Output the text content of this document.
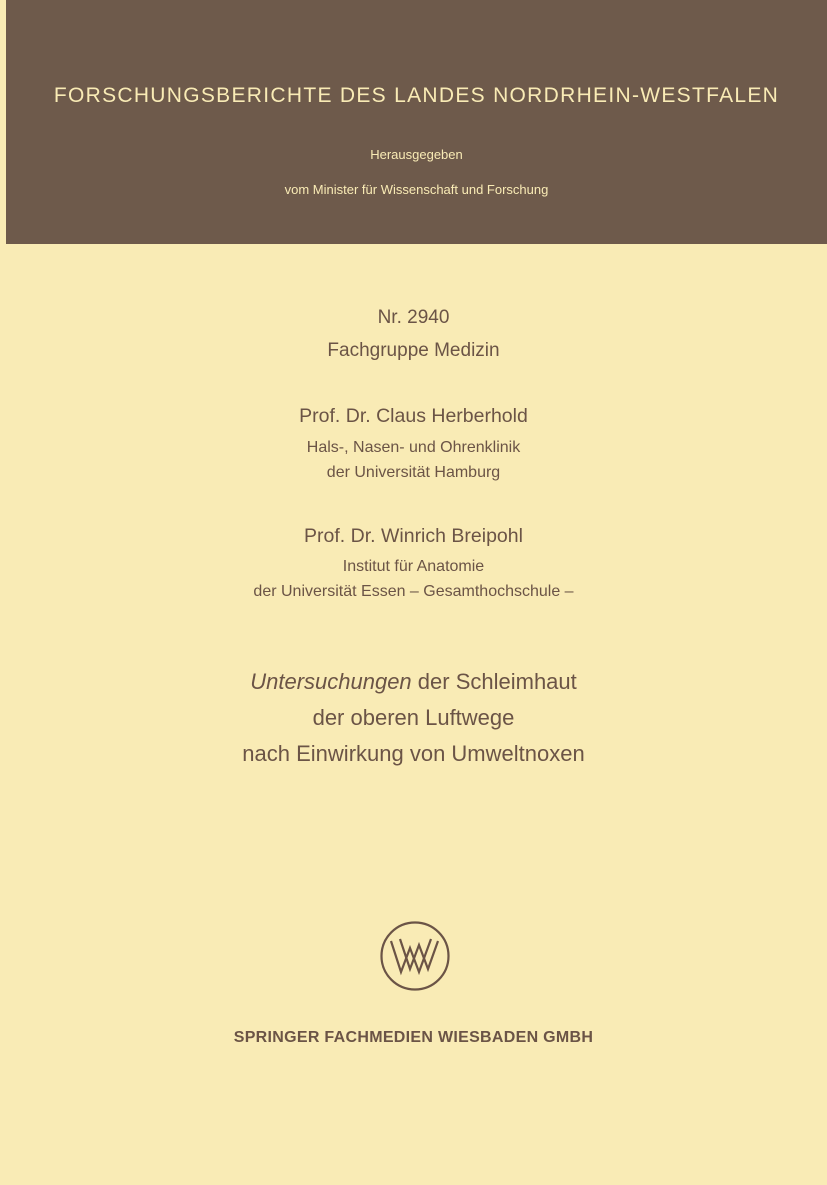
FORSCHUNGSBERICHTE DES LANDES NORDRHEIN-WESTFALEN
Herausgegeben
vom Minister für Wissenschaft und Forschung
Nr. 2940
Fachgruppe Medizin
Prof. Dr. Claus Herberhold
Hals-, Nasen- und Ohrenklinik
der Universität Hamburg
Prof. Dr. Winrich Breipohl
Institut für Anatomie
der Universität Essen – Gesamthochschule –
Untersuchungen der Schleimhaut
der oberen Luftwege
nach Einwirkung von Umweltnoxen
SPRINGER FACHMEDIEN WIESBADEN GMBH
